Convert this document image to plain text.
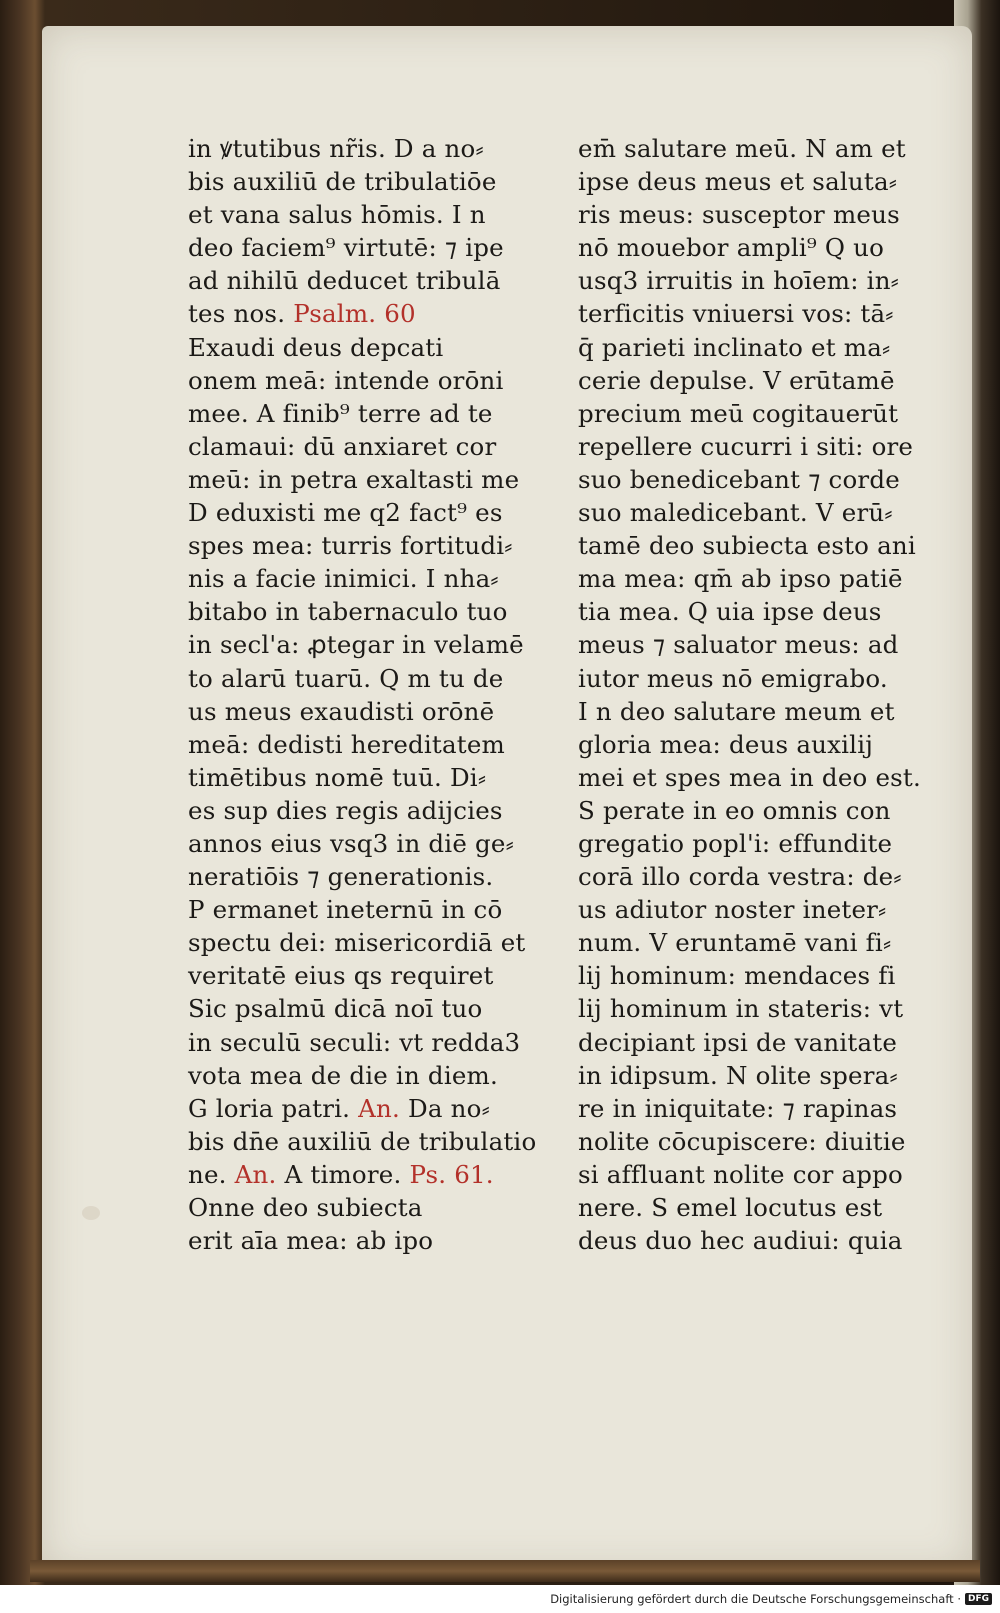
in ꝟtutibus nr̃is. D a no⸗
bis auxiliū de tribulatiōe
et vana salus hōmis. I n
deo faciem⁹ virtutē: ⁊ ipe
ad nihilū deducet tribulā
tes nos. Psalm. 60
Exaudi deus depcati
onem meā: intende orōni
mee. A finib⁹ terre ad te
clamaui: dū anxiaret cor
meū: in petra exaltasti me
D eduxisti me q2 fact⁹ es
spes mea: turris fortitudi⸗
nis a facie inimici. I nha⸗
bitabo in tabernaculo tuo
in secl'a: ꝓtegar in velamē
to alarū tuarū. Q m tu de
us meus exaudisti orōnē
meā: dedisti hereditatem
timētibus nomē tuū. Di⸗
es sup dies regis adijcies
annos eius vsq3 in diē ge⸗
neratiōis ⁊ generationis.
P ermanet ineternū in cō
spectu dei: misericordiā et
veritatē eius qs requiret
Sic psalmū dicā noī tuo
in seculū seculi: vt redda3
vota mea de die in diem.
G loria patri. An. Da no⸗
bis dn̄e auxiliū de tribulatio
ne. An. A timore. Ps. 61.
Onne deo subiecta
erit aīa mea: ab ipo
em̄ salutare meū. N am et
ipse deus meus et saluta⸗
ris meus: susceptor meus
nō mouebor ampli⁹ Q uo
usq3 irruitis in hoīem: in⸗
terficitis vniuersi vos: tā⸗
q̄ parieti inclinato et ma⸗
cerie depulse. V erūtamē
precium meū cogitauerūt
repellere cucurri i siti: ore
suo benedicebant ⁊ corde
suo maledicebant. V erū⸗
tamē deo subiecta esto ani
ma mea: qm̄ ab ipso patiē
tia mea. Q uia ipse deus
meus ⁊ saluator meus: ad
iutor meus nō emigrabo.
I n deo salutare meum et
gloria mea: deus auxilij
mei et spes mea in deo est.
S perate in eo omnis con
gregatio popl'i: effundite
corā illo corda vestra: de⸗
us adiutor noster ineter⸗
num. V eruntamē vani fi⸗
lij hominum: mendaces fi
lij hominum in stateris: vt
decipiant ipsi de vanitate
in idipsum. N olite spera⸗
re in iniquitate: ⁊ rapinas
nolite cōcupiscere: diuitie
si affluant nolite cor appo
nere. S emel locutus est
deus duo hec audiui: quia
Digitalisierung gefördert durch die Deutsche Forschungsgemeinschaft · DFG
